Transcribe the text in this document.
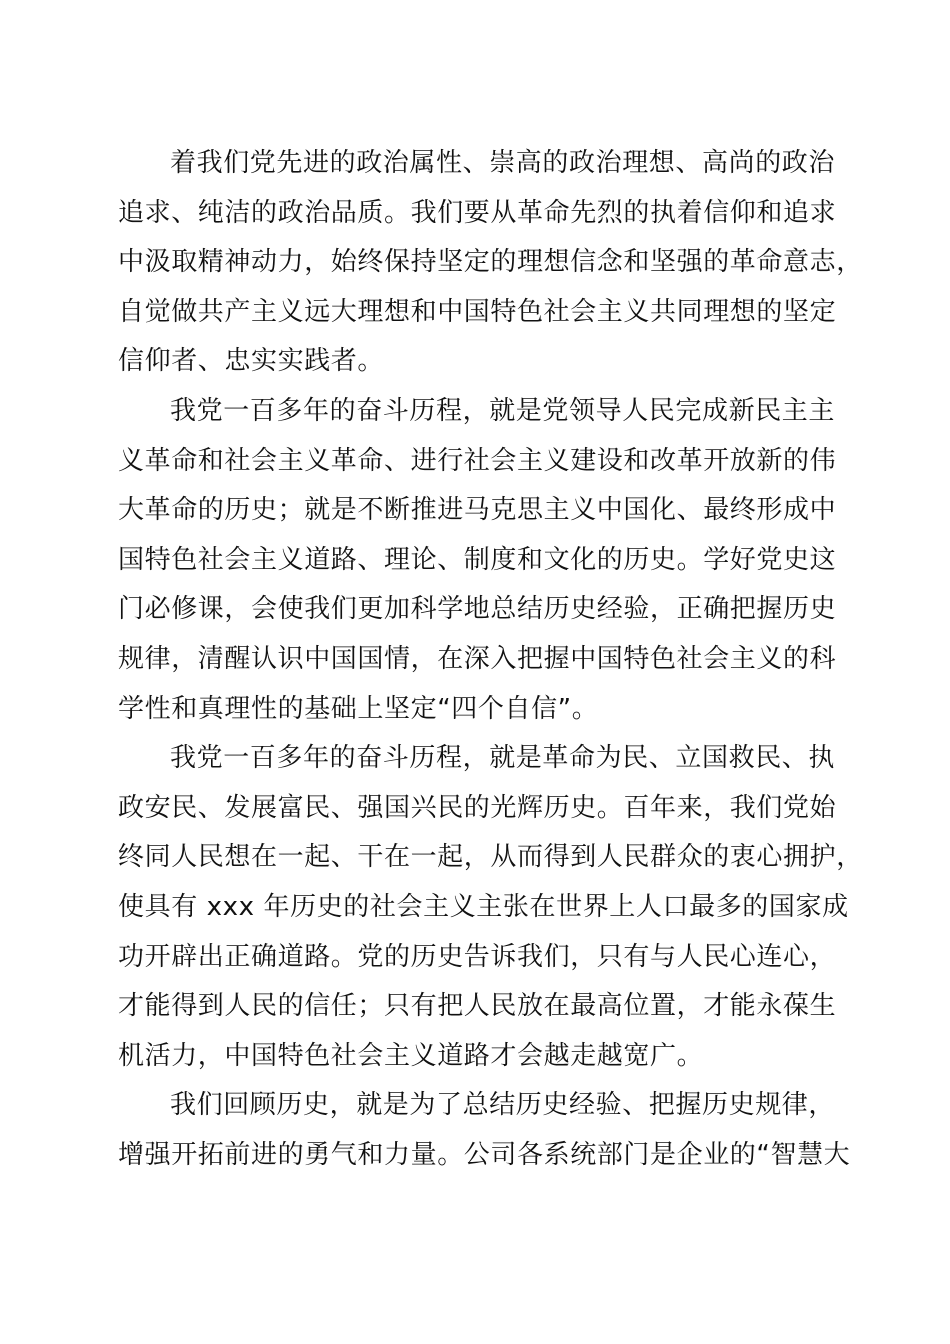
着我们党先进的政治属性、崇高的政治理想、高尚的政治
追求、纯洁的政治品质。我们要从革命先烈的执着信仰和追求
中汲取精神动力，始终保持坚定的理想信念和坚强的革命意志，
自觉做共产主义远大理想和中国特色社会主义共同理想的坚定
信仰者、忠实实践者。
我党一百多年的奋斗历程，就是党领导人民完成新民主主
义革命和社会主义革命、进行社会主义建设和改革开放新的伟
大革命的历史；就是不断推进马克思主义中国化、最终形成中
国特色社会主义道路、理论、制度和文化的历史。学好党史这
门必修课，会使我们更加科学地总结历史经验，正确把握历史
规律，清醒认识中国国情，在深入把握中国特色社会主义的科
学性和真理性的基础上坚定“四个自信”。
我党一百多年的奋斗历程，就是革命为民、立国救民、执
政安民、发展富民、强国兴民的光辉历史。百年来，我们党始
终同人民想在一起、干在一起，从而得到人民群众的衷心拥护，
使具有 xxx 年历史的社会主义主张在世界上人口最多的国家成
功开辟出正确道路。党的历史告诉我们，只有与人民心连心，
才能得到人民的信任；只有把人民放在最高位置，才能永葆生
机活力，中国特色社会主义道路才会越走越宽广。
我们回顾历史，就是为了总结历史经验、把握历史规律，
增强开拓前进的勇气和力量。公司各系统部门是企业的“智慧大
